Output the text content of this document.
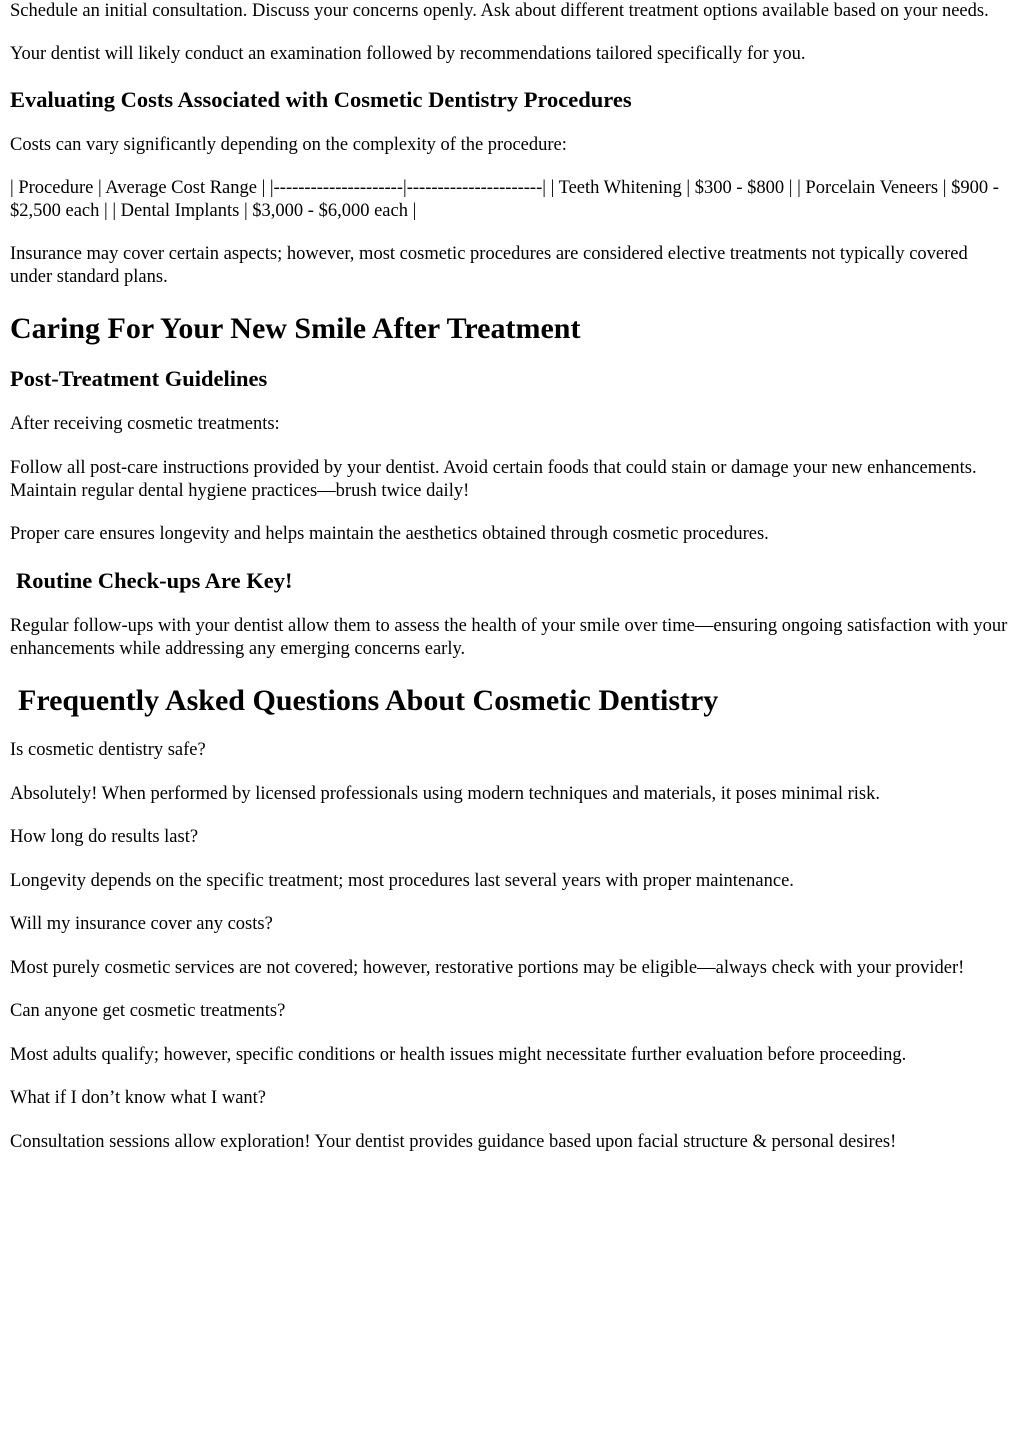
Schedule an initial consultation. Discuss your concerns openly. Ask about different treatment options available based on your needs.

Your dentist will likely conduct an examination followed by recommendations tailored specifically for you.

Evaluating Costs Associated with Cosmetic Dentistry Procedures

Costs can vary significantly depending on the complexity of the procedure:

| Procedure | Average Cost Range | |---------------------|----------------------| | Teeth Whitening | $300 - $800 | | Porcelain Veneers | $900 - $2,500 each | | Dental Implants | $3,000 - $6,000 each |

Insurance may cover certain aspects; however, most cosmetic procedures are considered elective treatments not typically covered under standard plans.

Caring For Your New Smile After Treatment
Post-Treatment Guidelines

After receiving cosmetic treatments:

Follow all post-care instructions provided by your dentist. Avoid certain foods that could stain or damage your new enhancements. Maintain regular dental hygiene practices—brush twice daily!

Proper care ensures longevity and helps maintain the aesthetics obtained through cosmetic procedures.

Routine Check-ups Are Key!

Regular follow-ups with your dentist allow them to assess the health of your smile over time—ensuring ongoing satisfaction with your enhancements while addressing any emerging concerns early.

Frequently Asked Questions About Cosmetic Dentistry

Is cosmetic dentistry safe?

Absolutely! When performed by licensed professionals using modern techniques and materials, it poses minimal risk.

How long do results last?

Longevity depends on the specific treatment; most procedures last several years with proper maintenance.

Will my insurance cover any costs?

Most purely cosmetic services are not covered; however, restorative portions may be eligible—always check with your provider!

Can anyone get cosmetic treatments?

Most adults qualify; however, specific conditions or health issues might necessitate further evaluation before proceeding.

What if I don’t know what I want?

Consultation sessions allow exploration! Your dentist provides guidance based upon facial structure & personal desires!
